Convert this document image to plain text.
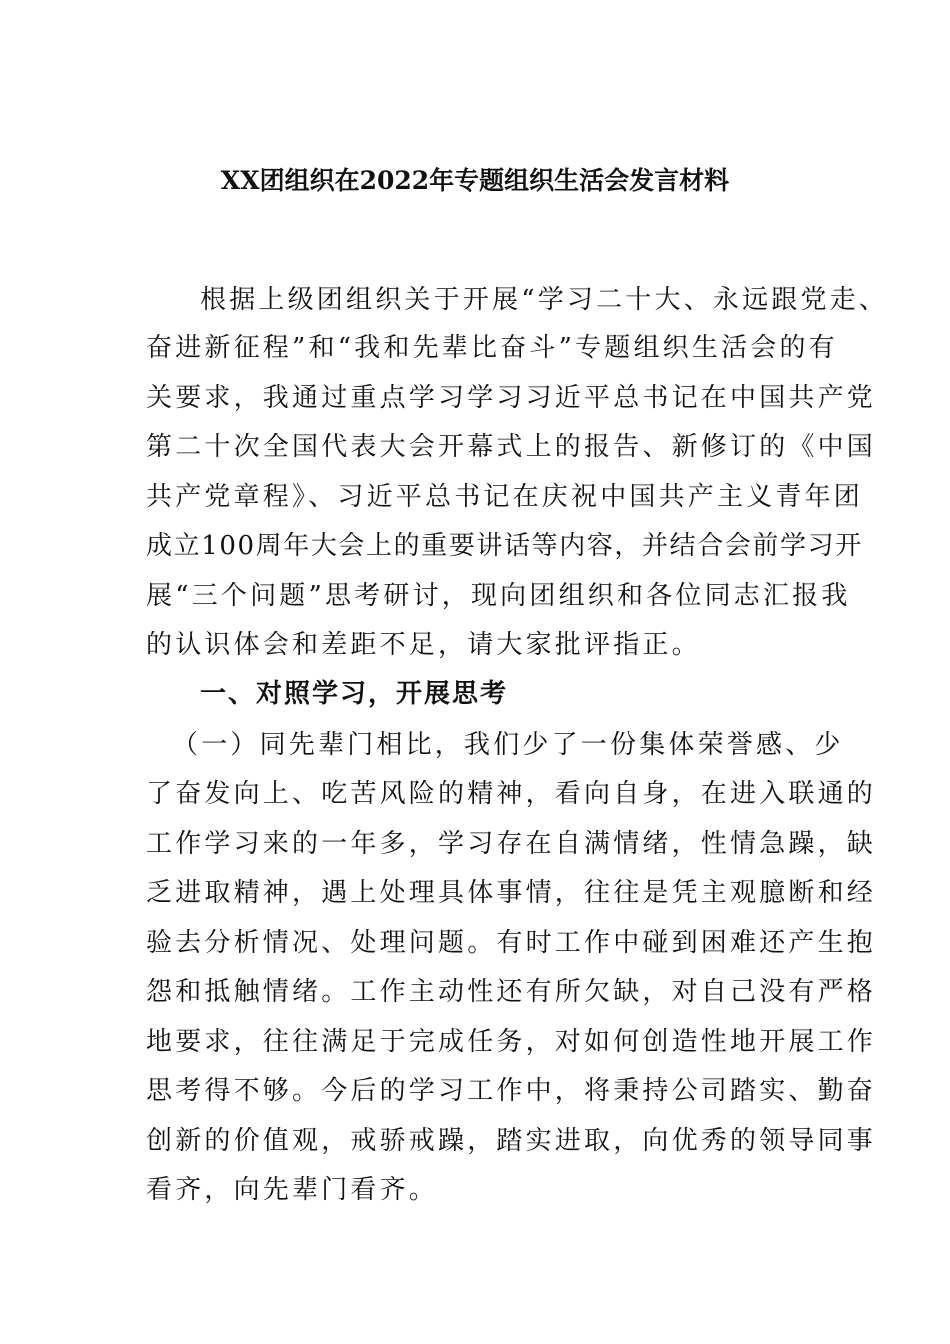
XX团组织在2022年专题组织生活会发言材料
根据上级团组织关于开展“学习二十大、永远跟党走、
奋进新征程”和“我和先辈比奋斗”专题组织生活会的有
关要求，我通过重点学习学习习近平总书记在中国共产党
第二十次全国代表大会开幕式上的报告、新修订的《中国
共产党章程》、习近平总书记在庆祝中国共产主义青年团
成立100周年大会上的重要讲话等内容，并结合会前学习开
展“三个问题”思考研讨，现向团组织和各位同志汇报我
的认识体会和差距不足，请大家批评指正。
一、对照学习，开展思考
（一）同先辈门相比，我们少了一份集体荣誉感、少
了奋发向上、吃苦风险的精神，看向自身，在进入联通的
工作学习来的一年多，学习存在自满情绪，性情急躁，缺
乏进取精神，遇上处理具体事情，往往是凭主观臆断和经
验去分析情况、处理问题。有时工作中碰到困难还产生抱
怨和抵触情绪。工作主动性还有所欠缺，对自己没有严格
地要求，往往满足于完成任务，对如何创造性地开展工作
思考得不够。今后的学习工作中，将秉持公司踏实、勤奋
创新的价值观，戒骄戒躁，踏实进取，向优秀的领导同事
看齐，向先辈门看齐。
